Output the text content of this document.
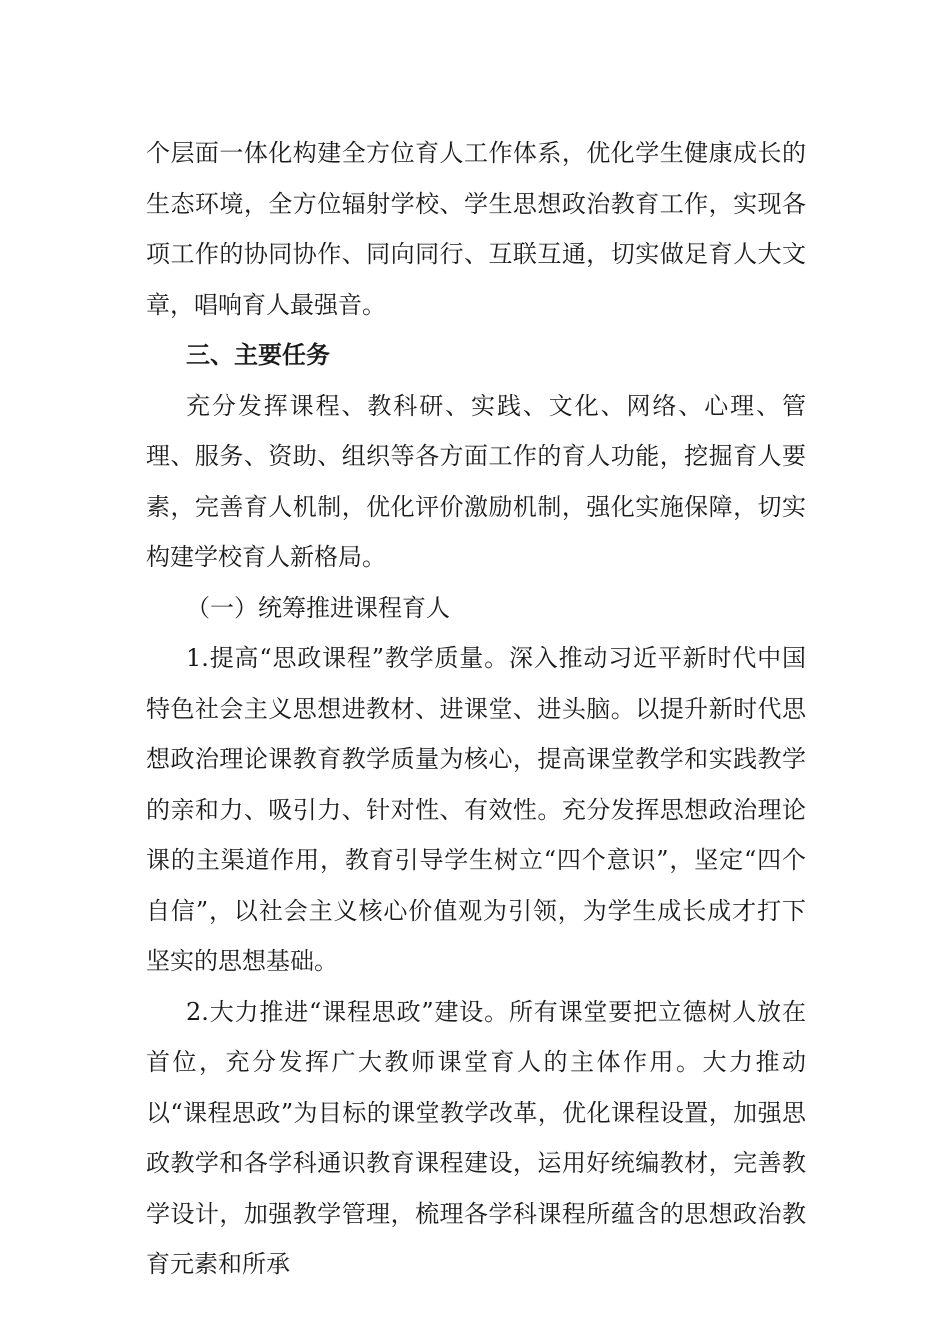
个层面一体化构建全方位育人工作体系，优化学生健康成长的生态环境，全方位辐射学校、学生思想政治教育工作，实现各项工作的协同协作、同向同行、互联互通，切实做足育人大文章，唱响育人最强音。

三、主要任务

充分发挥课程、教科研、实践、文化、网络、心理、管理、服务、资助、组织等各方面工作的育人功能，挖掘育人要素，完善育人机制，优化评价激励机制，强化实施保障，切实构建学校育人新格局。

（一）统筹推进课程育人

1.提高“思政课程”教学质量。深入推动习近平新时代中国特色社会主义思想进教材、进课堂、进头脑。以提升新时代思想政治理论课教育教学质量为核心，提高课堂教学和实践教学的亲和力、吸引力、针对性、有效性。充分发挥思想政治理论课的主渠道作用，教育引导学生树立“四个意识”，坚定“四个自信”，以社会主义核心价值观为引领，为学生成长成才打下坚实的思想基础。

2.大力推进“课程思政”建设。所有课堂要把立德树人放在首位，充分发挥广大教师课堂育人的主体作用。大力推动以“课程思政”为目标的课堂教学改革，优化课程设置，加强思政教学和各学科通识教育课程建设，运用好统编教材，完善教学设计，加强教学管理，梳理各学科课程所蕴含的思想政治教育元素和所承
